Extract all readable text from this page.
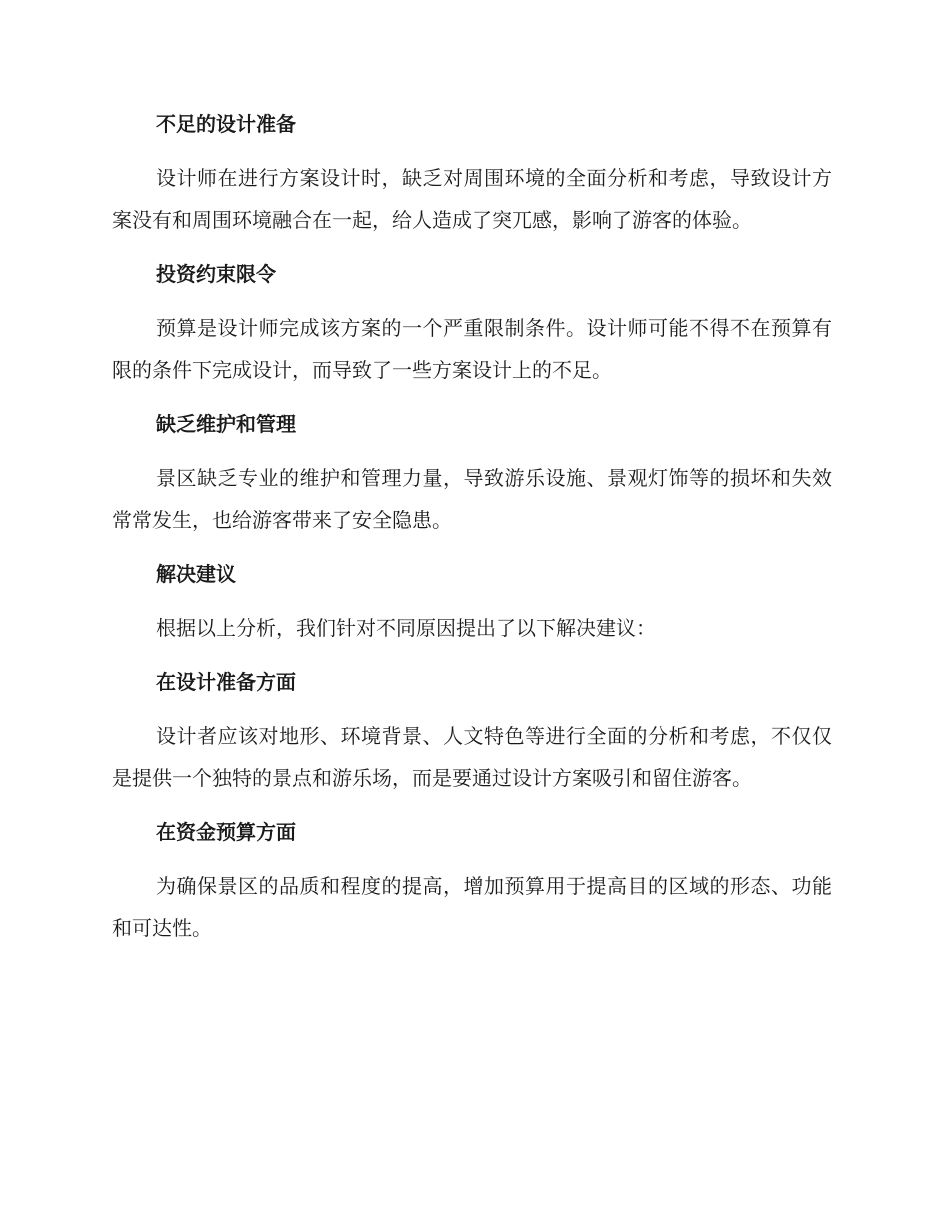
不足的设计准备
设计师在进行方案设计时，缺乏对周围环境的全面分析和考虑，导致设计方案没有和周围环境融合在一起，给人造成了突兀感，影响了游客的体验。
投资约束限令
预算是设计师完成该方案的一个严重限制条件。设计师可能不得不在预算有限的条件下完成设计，而导致了一些方案设计上的不足。
缺乏维护和管理
景区缺乏专业的维护和管理力量，导致游乐设施、景观灯饰等的损坏和失效常常发生，也给游客带来了安全隐患。
解决建议
根据以上分析，我们针对不同原因提出了以下解决建议：
在设计准备方面
设计者应该对地形、环境背景、人文特色等进行全面的分析和考虑，不仅仅是提供一个独特的景点和游乐场，而是要通过设计方案吸引和留住游客。
在资金预算方面
为确保景区的品质和程度的提高，增加预算用于提高目的区域的形态、功能和可达性。
